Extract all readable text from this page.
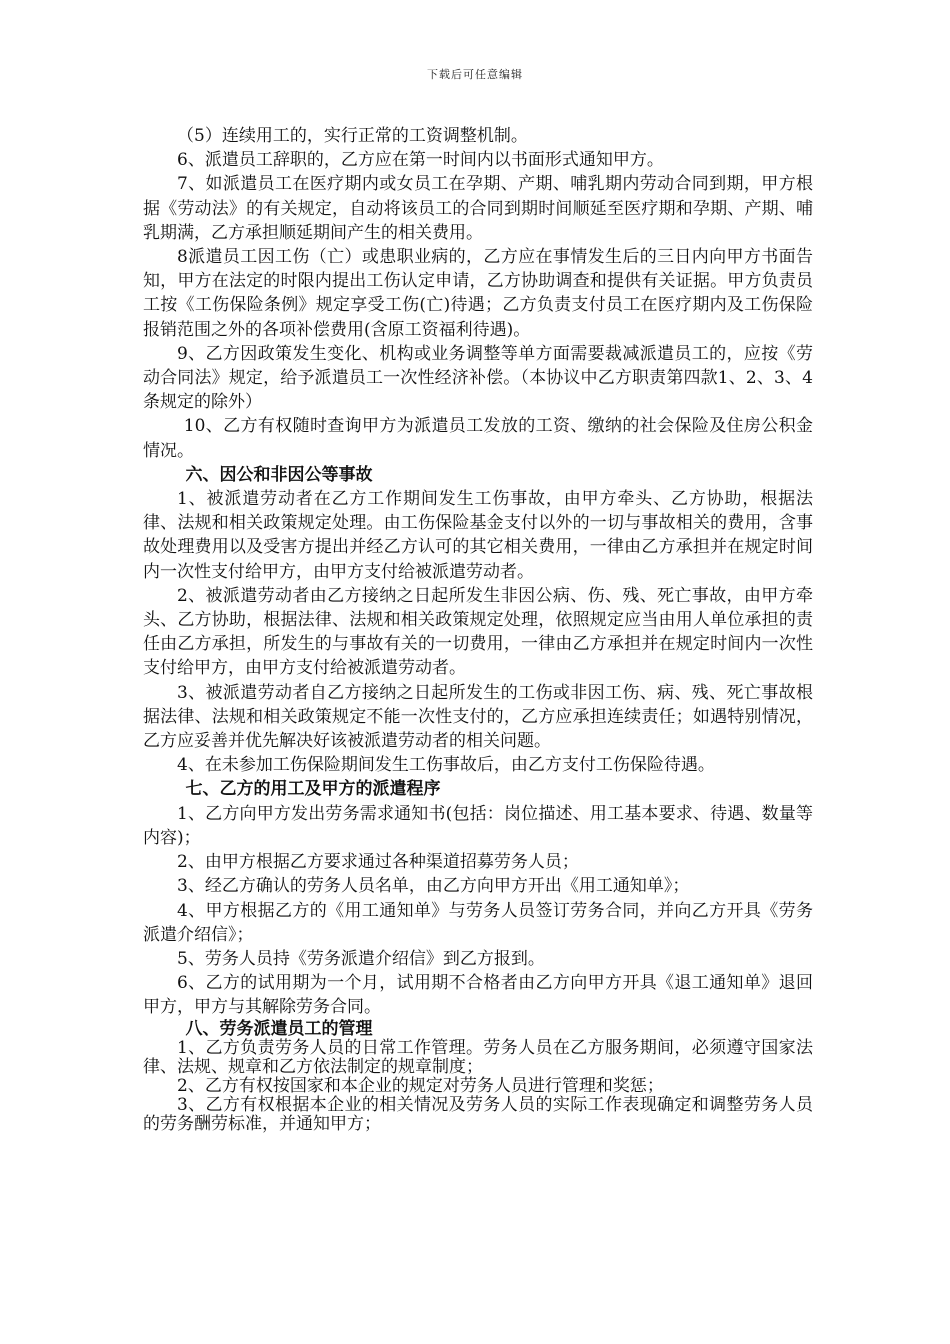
下载后可任意编辑

（5）连续用工的，实行正常的工资调整机制。

6、派遣员工辞职的，乙方应在第一时间内以书面形式通知甲方。

7、如派遣员工在医疗期内或女员工在孕期、产期、哺乳期内劳动合同到期，甲方根据《劳动法》的有关规定，自动将该员工的合同到期时间顺延至医疗期和孕期、产期、哺乳期满，乙方承担顺延期间产生的相关费用。

8派遣员工因工伤（亡）或患职业病的，乙方应在事情发生后的三日内向甲方书面告知，甲方在法定的时限内提出工伤认定申请，乙方协助调查和提供有关证据。甲方负责员工按《工伤保险条例》规定享受工伤(亡)待遇；乙方负责支付员工在医疗期内及工伤保险报销范围之外的各项补偿费用(含原工资福利待遇)。

9、乙方因政策发生变化、机构或业务调整等单方面需要裁减派遣员工的，应按《劳动合同法》规定，给予派遣员工一次性经济补偿。（本协议中乙方职责第四款1、2、3、4条规定的除外）

10、乙方有权随时查询甲方为派遣员工发放的工资、缴纳的社会保险及住房公积金情况。

六、因公和非因公等事故

1、被派遣劳动者在乙方工作期间发生工伤事故，由甲方牵头、乙方协助，根据法律、法规和相关政策规定处理。由工伤保险基金支付以外的一切与事故相关的费用，含事故处理费用以及受害方提出并经乙方认可的其它相关费用，一律由乙方承担并在规定时间内一次性支付给甲方，由甲方支付给被派遣劳动者。

2、被派遣劳动者由乙方接纳之日起所发生非因公病、伤、残、死亡事故，由甲方牵头、乙方协助，根据法律、法规和相关政策规定处理，依照规定应当由用人单位承担的责任由乙方承担，所发生的与事故有关的一切费用，一律由乙方承担并在规定时间内一次性支付给甲方，由甲方支付给被派遣劳动者。

3、被派遣劳动者自乙方接纳之日起所发生的工伤或非因工伤、病、残、死亡事故根据法律、法规和相关政策规定不能一次性支付的，乙方应承担连续责任；如遇特别情况，乙方应妥善并优先解决好该被派遣劳动者的相关问题。

4、在未参加工伤保险期间发生工伤事故后，由乙方支付工伤保险待遇。

七、乙方的用工及甲方的派遣程序

1、乙方向甲方发出劳务需求通知书(包括：岗位描述、用工基本要求、待遇、数量等内容)；

2、由甲方根据乙方要求通过各种渠道招募劳务人员；

3、经乙方确认的劳务人员名单，由乙方向甲方开出《用工通知单》；

4、甲方根据乙方的《用工通知单》与劳务人员签订劳务合同，并向乙方开具《劳务派遣介绍信》；

5、劳务人员持《劳务派遣介绍信》到乙方报到。

6、乙方的试用期为一个月，试用期不合格者由乙方向甲方开具《退工通知单》退回甲方，甲方与其解除劳务合同。

八、劳务派遣员工的管理

1、乙方负责劳务人员的日常工作管理。劳务人员在乙方服务期间，必须遵守国家法律、法规、规章和乙方依法制定的规章制度；

2、乙方有权按国家和本企业的规定对劳务人员进行管理和奖惩；

3、乙方有权根据本企业的相关情况及劳务人员的实际工作表现确定和调整劳务人员的劳务酬劳标准，并通知甲方；
